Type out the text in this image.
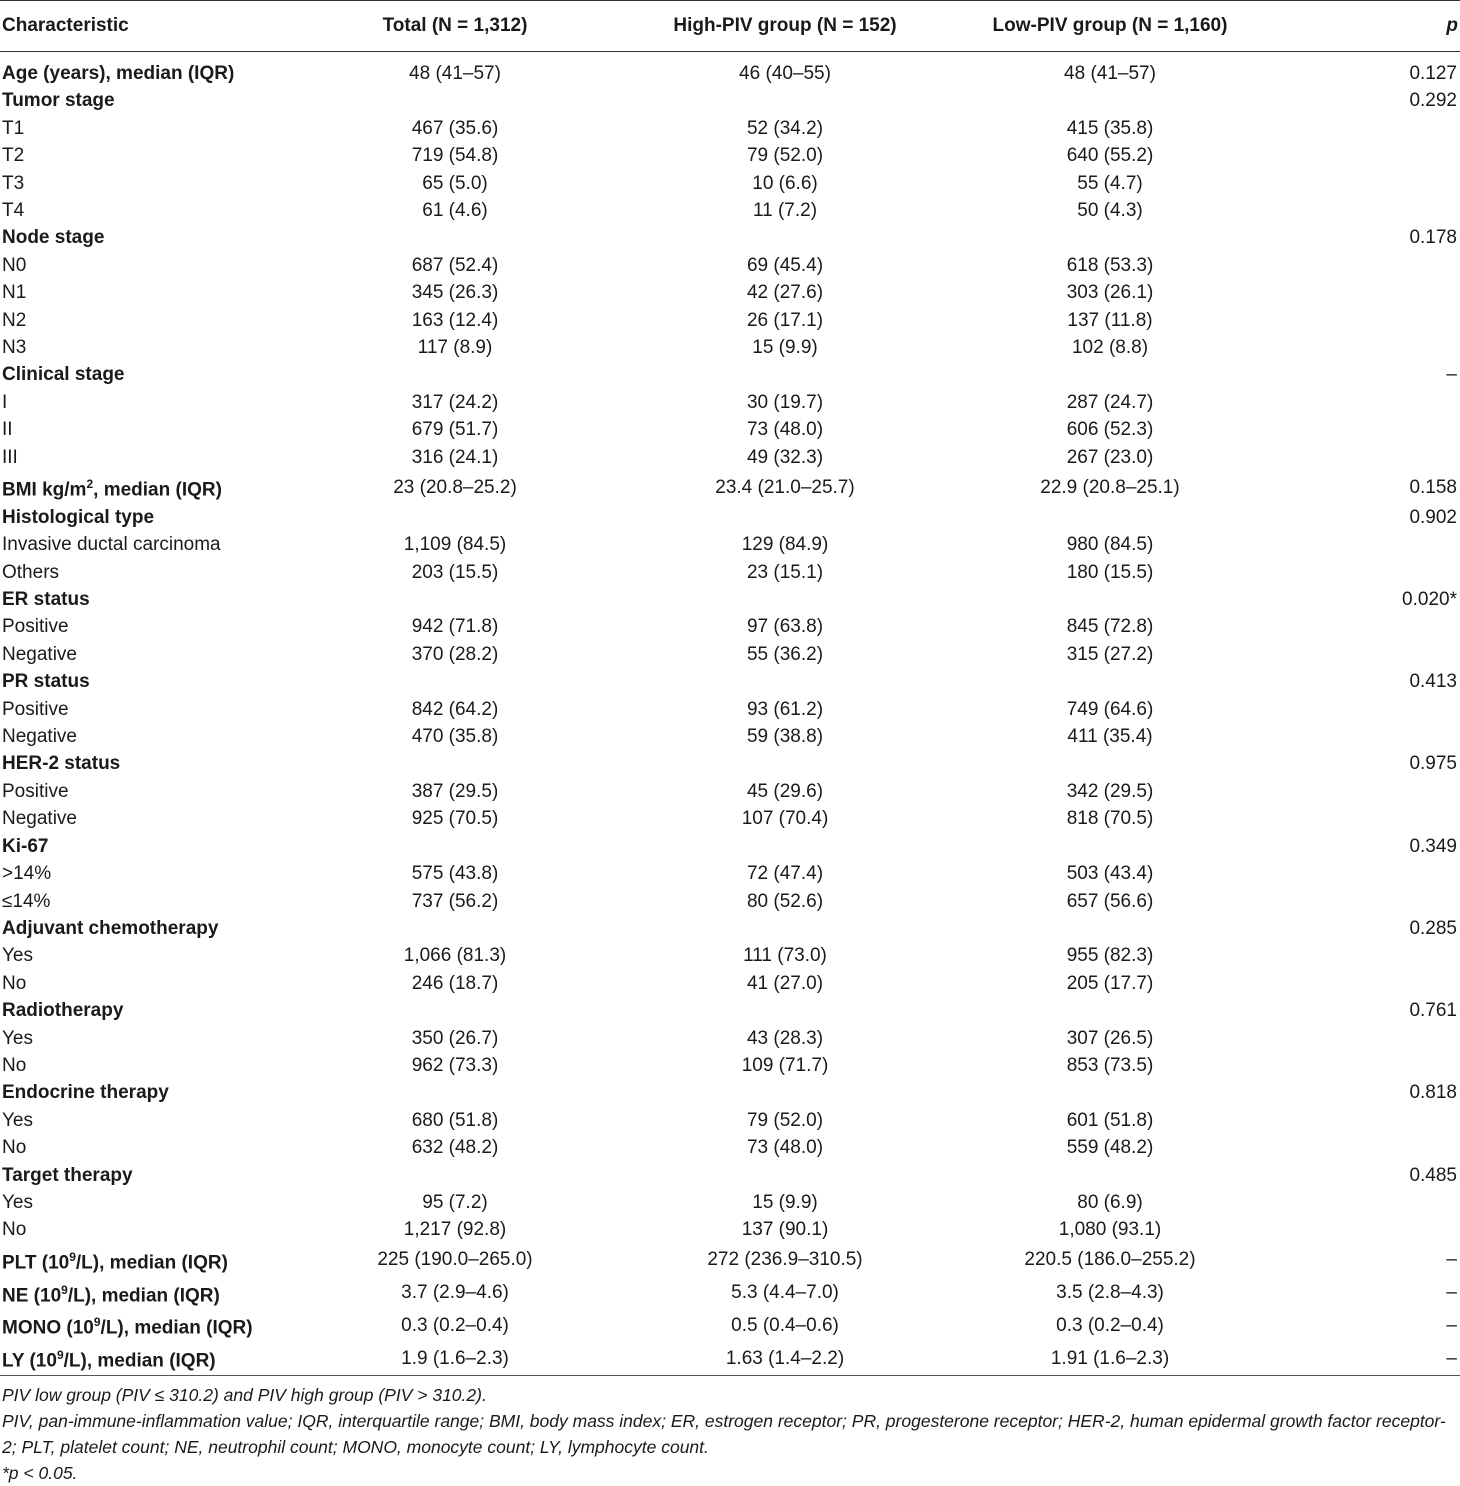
Characteristic	Total (N = 1,312)	High-PIV group (N = 152)	Low-PIV group (N = 1,160)	p

Age (years), median (IQR)	48 (41–57)	46 (40–55)	48 (41–57)	0.127
Tumor stage				0.292
T1	467 (35.6)	52 (34.2)	415 (35.8)	
T2	719 (54.8)	79 (52.0)	640 (55.2)	
T3	65 (5.0)	10 (6.6)	55 (4.7)	
T4	61 (4.6)	11 (7.2)	50 (4.3)	
Node stage				0.178
N0	687 (52.4)	69 (45.4)	618 (53.3)	
N1	345 (26.3)	42 (27.6)	303 (26.1)	
N2	163 (12.4)	26 (17.1)	137 (11.8)	
N3	117 (8.9)	15 (9.9)	102 (8.8)	
Clinical stage				–
I	317 (24.2)	30 (19.7)	287 (24.7)	
II	679 (51.7)	73 (48.0)	606 (52.3)	
III	316 (24.1)	49 (32.3)	267 (23.0)	
BMI $kg/m^2$, median (IQR)	23 (20.8–25.2)	23.4 (21.0–25.7)	22.9 (20.8–25.1)	0.158
Histological type				0.902
Invasive ductal carcinoma	1,109 (84.5)	129 (84.9)	980 (84.5)	
Others	203 (15.5)	23 (15.1)	180 (15.5)	
ER status				0.020*
Positive	942 (71.8)	97 (63.8)	845 (72.8)	
Negative	370 (28.2)	55 (36.2)	315 (27.2)	
PR status				0.413
Positive	842 (64.2)	93 (61.2)	749 (64.6)	
Negative	470 (35.8)	59 (38.8)	411 (35.4)	
HER-2 status				0.975
Positive	387 (29.5)	45 (29.6)	342 (29.5)	
Negative	925 (70.5)	107 (70.4)	818 (70.5)	
Ki-67				0.349
>14%	575 (43.8)	72 (47.4)	503 (43.4)	
≤14%	737 (56.2)	80 (52.6)	657 (56.6)	
Adjuvant chemotherapy				0.285
Yes	1,066 (81.3)	111 (73.0)	955 (82.3)	
No	246 (18.7)	41 (27.0)	205 (17.7)	
Radiotherapy				0.761
Yes	350 (26.7)	43 (28.3)	307 (26.5)	
No	962 (73.3)	109 (71.7)	853 (73.5)	
Endocrine therapy				0.818
Yes	680 (51.8)	79 (52.0)	601 (51.8)	
No	632 (48.2)	73 (48.0)	559 (48.2)	
Target therapy				0.485
Yes	95 (7.2)	15 (9.9)	80 (6.9)	
No	1,217 (92.8)	137 (90.1)	1,080 (93.1)	
PLT $(10^9/L)$, median (IQR)	225 (190.0–265.0)	272 (236.9–310.5)	220.5 (186.0–255.2)	–
NE $(10^9/L)$, median (IQR)	3.7 (2.9–4.6)	5.3 (4.4–7.0)	3.5 (2.8–4.3)	–
MONO $(10^9/L)$, median (IQR)	0.3 (0.2–0.4)	0.5 (0.4–0.6)	0.3 (0.2–0.4)	–
LY $(10^9/L)$, median (IQR)	1.9 (1.6–2.3)	1.63 (1.4–2.2)	1.91 (1.6–2.3)	–
PIV low group (PIV ≤ 310.2) and PIV high group (PIV > 310.2).
PIV, pan-immune-inflammation value; IQR, interquartile range; BMI, body mass index; ER, estrogen receptor; PR, progesterone receptor; HER-2, human epidermal growth factor receptor-2; PLT, platelet count; NE, neutrophil count; MONO, monocyte count; LY, lymphocyte count.
*p < 0.05.
